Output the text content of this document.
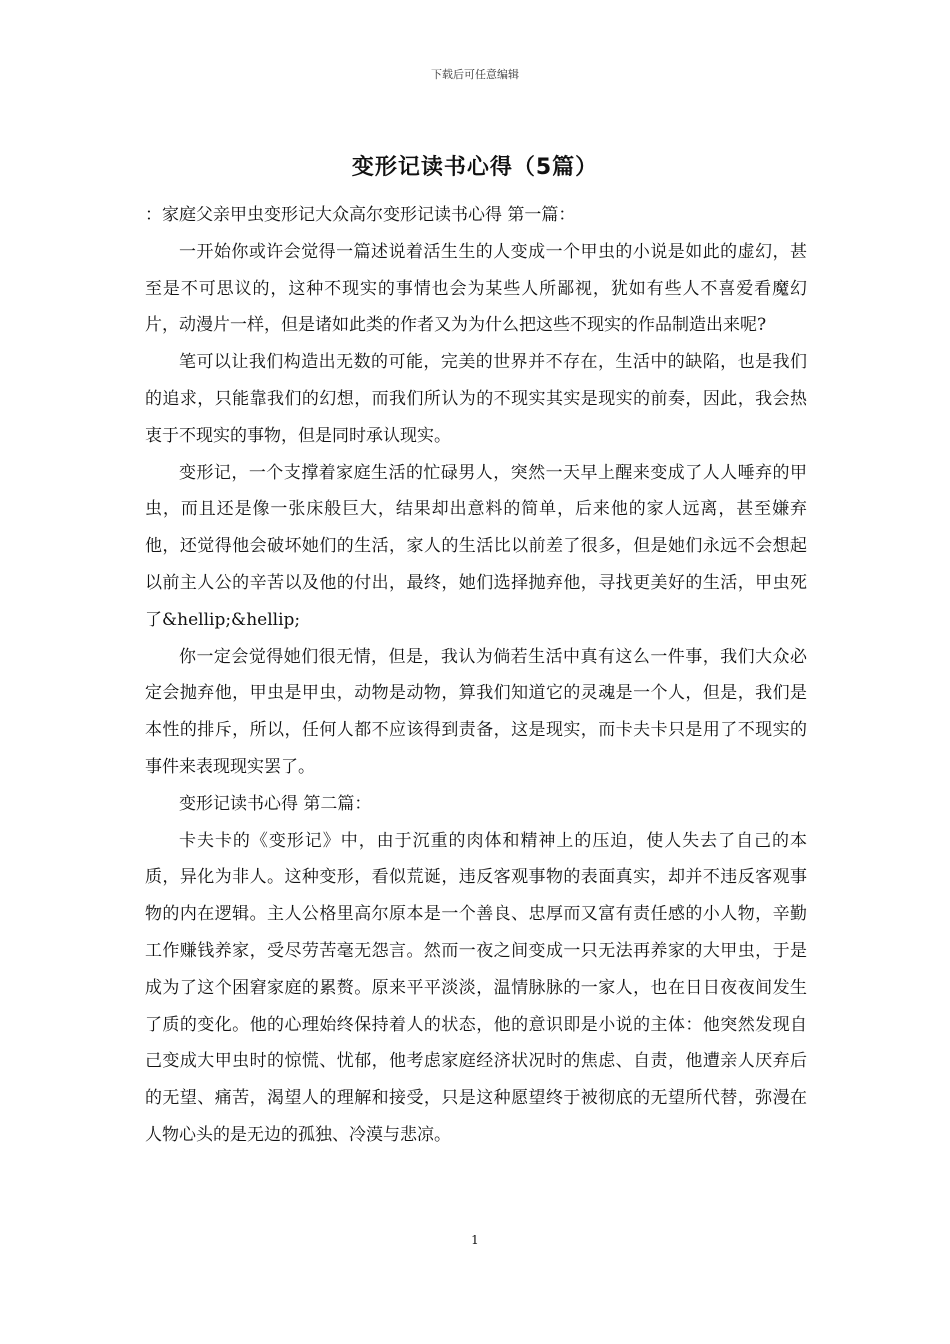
下载后可任意编辑
变形记读书心得（5篇）

：家庭父亲甲虫变形记大众高尔变形记读书心得 第一篇：

一开始你或许会觉得一篇述说着活生生的人变成一个甲虫的小说是如此的虚幻，甚至是不可思议的，这种不现实的事情也会为某些人所鄙视，犹如有些人不喜爱看魔幻片，动漫片一样，但是诸如此类的作者又为为什么把这些不现实的作品制造出来呢?

笔可以让我们构造出无数的可能，完美的世界并不存在，生活中的缺陷，也是我们的追求，只能靠我们的幻想，而我们所认为的不现实其实是现实的前奏，因此，我会热衷于不现实的事物，但是同时承认现实。

变形记，一个支撑着家庭生活的忙碌男人，突然一天早上醒来变成了人人唾弃的甲虫，而且还是像一张床般巨大，结果却出意料的简单，后来他的家人远离，甚至嫌弃他，还觉得他会破坏她们的生活，家人的生活比以前差了很多，但是她们永远不会想起以前主人公的辛苦以及他的付出，最终，她们选择抛弃他，寻找更美好的生活，甲虫死了&hellip;&hellip;

你一定会觉得她们很无情，但是，我认为倘若生活中真有这么一件事，我们大众必定会抛弃他，甲虫是甲虫，动物是动物，算我们知道它的灵魂是一个人，但是，我们是本性的排斥，所以，任何人都不应该得到责备，这是现实，而卡夫卡只是用了不现实的事件来表现现实罢了。

变形记读书心得 第二篇：

卡夫卡的《变形记》中，由于沉重的肉体和精神上的压迫，使人失去了自己的本质，异化为非人。这种变形，看似荒诞，违反客观事物的表面真实，却并不违反客观事物的内在逻辑。主人公格里高尔原本是一个善良、忠厚而又富有责任感的小人物，辛勤工作赚钱养家，受尽劳苦毫无怨言。然而一夜之间变成一只无法再养家的大甲虫，于是成为了这个困窘家庭的累赘。原来平平淡淡，温情脉脉的一家人，也在日日夜夜间发生了质的变化。他的心理始终保持着人的状态，他的意识即是小说的主体：他突然发现自己变成大甲虫时的惊慌、忧郁，他考虑家庭经济状况时的焦虑、自责，他遭亲人厌弃后的无望、痛苦，渴望人的理解和接受，只是这种愿望终于被彻底的无望所代替，弥漫在人物心头的是无边的孤独、冷漠与悲凉。

1
